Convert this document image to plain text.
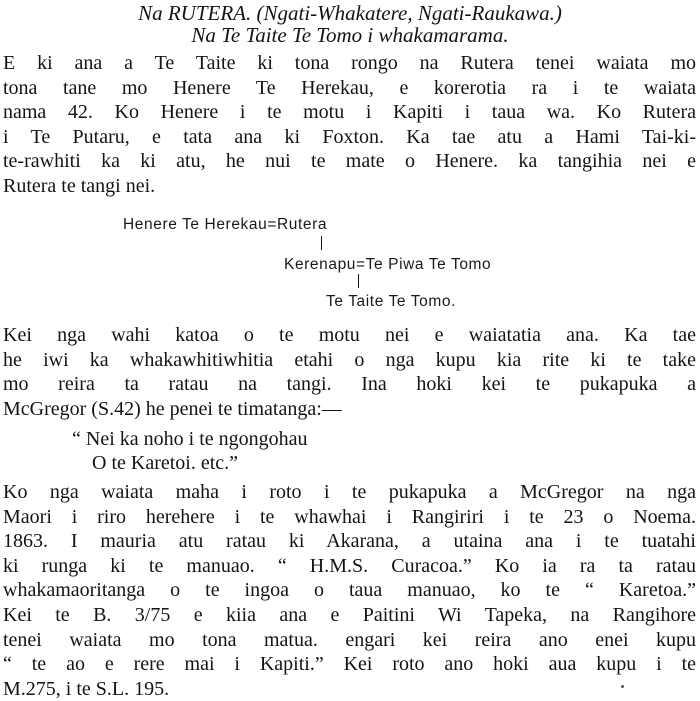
Na RUTERA. (Ngati-Whakatere, Ngati-Raukawa.)
Na Te Taite Te Tomo i whakamarama.
E ki ana a Te Taite ki tona rongo na Rutera tenei waiata mo
tona tane mo Henere Te Herekau, e korerotia ra i te waiata
nama 42. Ko Henere i te motu i Kapiti i taua wa. Ko Rutera
i Te Putaru, e tata ana ki Foxton. Ka tae atu a Hami Tai-ki-
te-rawhiti ka ki atu, he nui te mate o Henere. ka tangihia nei e
Rutera te tangi nei.
Henere Te Herekau=Rutera
Kerenapu=Te Piwa Te Tomo
Te Taite Te Tomo.
Kei nga wahi katoa o te motu nei e waiatatia ana. Ka tae
he iwi ka whakawhitiwhitia etahi o nga kupu kia rite ki te take
mo reira ta ratau na tangi. Ina hoki kei te pukapuka a
McGregor (S.42) he penei te timatanga:—
“ Nei ka noho i te ngongohau
O te Karetoi. etc.”
Ko nga waiata maha i roto i te pukapuka a McGregor na nga
Maori i riro herehere i te whawhai i Rangiriri i te 23 o Noema.
1863. I mauria atu ratau ki Akarana, a utaina ana i te tuatahi
ki runga ki te manuao. “ H.M.S. Curacoa.” Ko ia ra ta ratau
whakamaoritanga o te ingoa o taua manuao, ko te “ Karetoa.”
Kei te B. 3/75 e kiia ana e Paitini Wi Tapeka, na Rangihore
tenei waiata mo tona matua. engari kei reira ano enei kupu
“ te ao e rere mai i Kapiti.” Kei roto ano hoki aua kupu i te
M.275, i te S.L. 195.
